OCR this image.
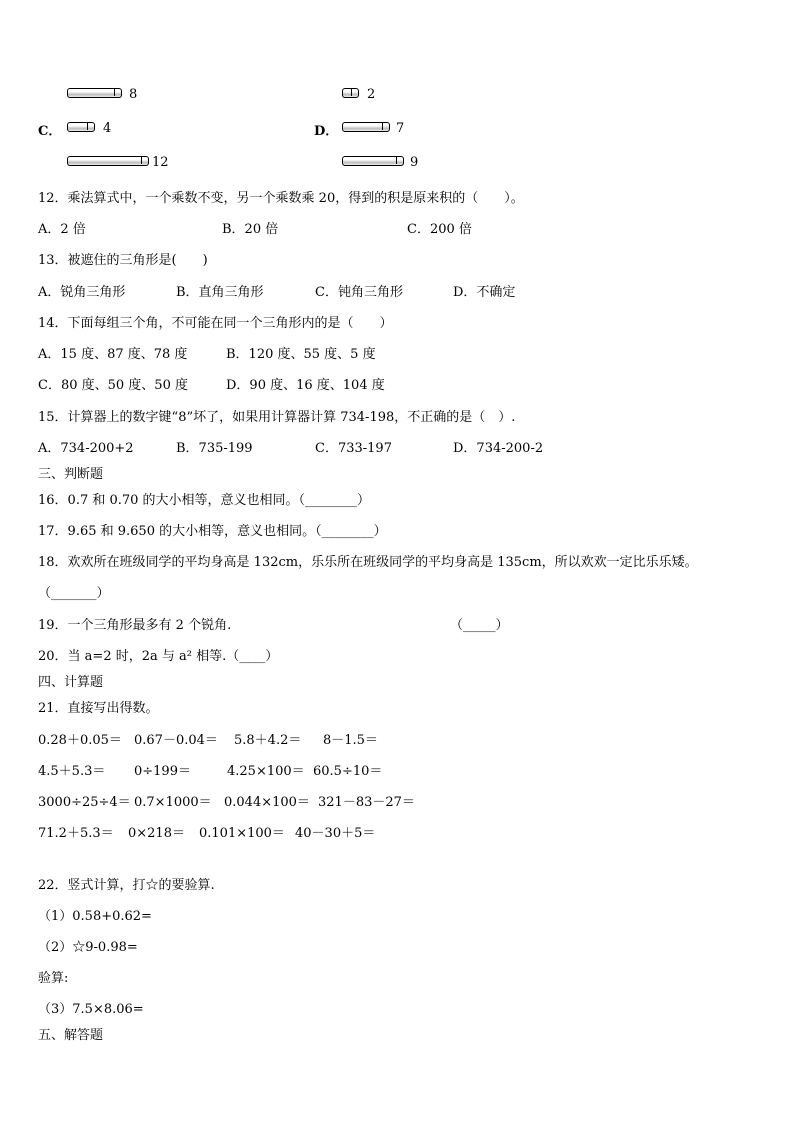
8	2
C．	4	D．	7
12	9
12．乘法算式中，一个乘数不变，另一个乘数乘 20，得到的积是原来积的（　　）。
A．2 倍	B．20 倍	C．200 倍
13．被遮住的三角形是(　　)
A．锐角三角形	B．直角三角形	C．钝角三角形	D．不确定
14．下面每组三个角，不可能在同一个三角形内的是（　　）
A．15 度、87 度、78 度	B．120 度、55 度、5 度
C．80 度、50 度、50 度	D．90 度、16 度、104 度
15．计算器上的数字键“8”坏了，如果用计算器计算 734-198，不正确的是（　）.
A．734-200+2	B．735-199	C．733-197	D．734-200-2
三、判断题
16．0.7 和 0.70 的大小相等，意义也相同。（________）
17．9.65 和 9.650 的大小相等，意义也相同。（________）
18．欢欢所在班级同学的平均身高是 132cm，乐乐所在班级同学的平均身高是 135cm，所以欢欢一定比乐乐矮。
（_______）
19．一个三角形最多有 2 个锐角.	（_____）
20．当 a=2 时，2a 与 a² 相等.（____）
四、计算题
21．直接写出得数。
0.28＋0.05＝ 0.67－0.04＝ 5.8＋4.2＝ 8－1.5＝
4.5＋5.3＝ 0÷199＝	4.25×100＝ 60.5÷10＝
3000÷25÷4＝ 0.7×1000＝ 0.044×100＝ 321－83－27＝
71.2＋5.3＝ 0×218＝ 0.101×100＝ 40－30＋5＝
22．竖式计算，打☆的要验算.
（1）0.58+0.62=
（2）☆9-0.98=
验算:
（3）7.5×8.06=
五、解答题
